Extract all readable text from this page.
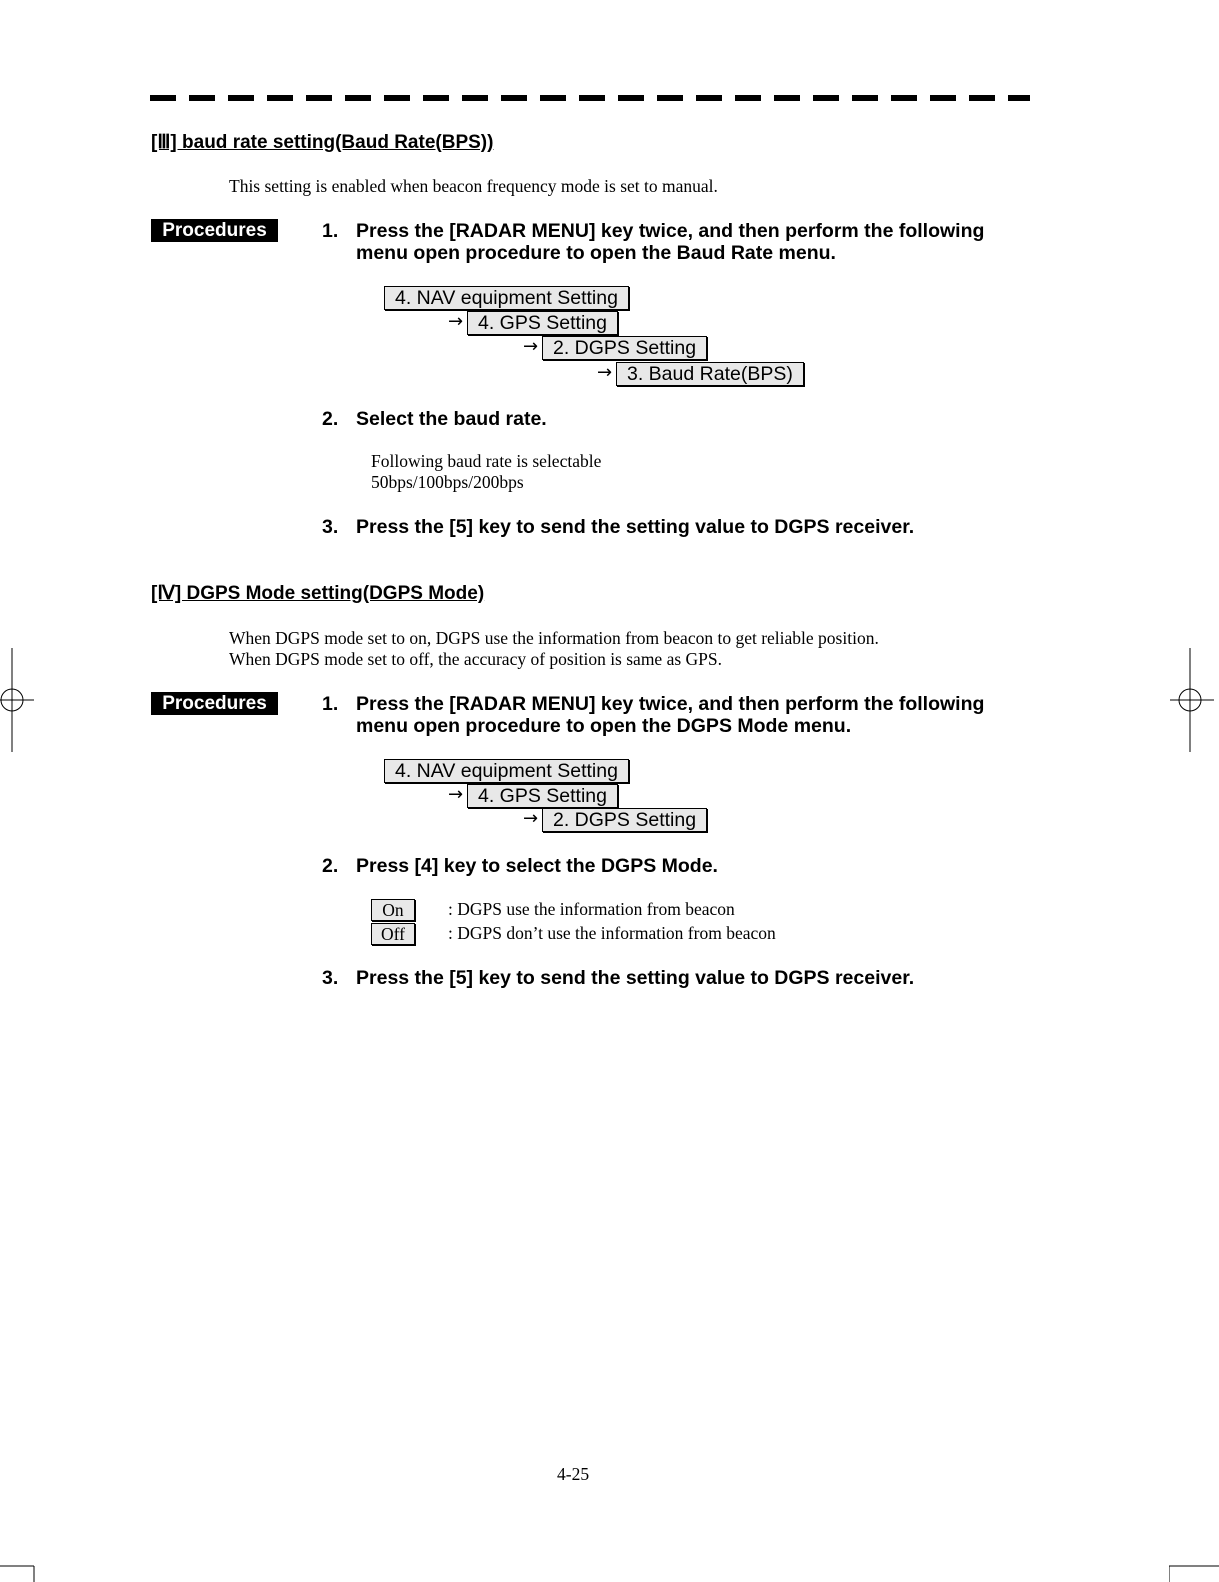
[Ⅲ] baud rate setting(Baud Rate(BPS))
This setting is enabled when beacon frequency mode is set to manual.
Procedures	1. Press the [RADAR MENU] key twice, and then perform the following
menu open procedure to open the Baud Rate menu.
4. NAV equipment Setting
→ 4. GPS Setting
→ 2. DGPS Setting
→ 3. Baud Rate(BPS)
2. Select the baud rate.
Following baud rate is selectable
50bps/100bps/200bps
3. Press the [5] key to send the setting value to DGPS receiver.
[Ⅳ] DGPS Mode setting(DGPS Mode)
When DGPS mode set to on, DGPS use the information from beacon to get reliable position.
When DGPS mode set to off, the accuracy of position is same as GPS.
Procedures	1. Press the [RADAR MENU] key twice, and then perform the following
menu open procedure to open the DGPS Mode menu.
4. NAV equipment Setting
→ 4. GPS Setting
→ 2. DGPS Setting
2. Press [4] key to select the DGPS Mode.
On	: DGPS use the information from beacon
Off	: DGPS don’t use the information from beacon
3. Press the [5] key to send the setting value to DGPS receiver.
4-25
